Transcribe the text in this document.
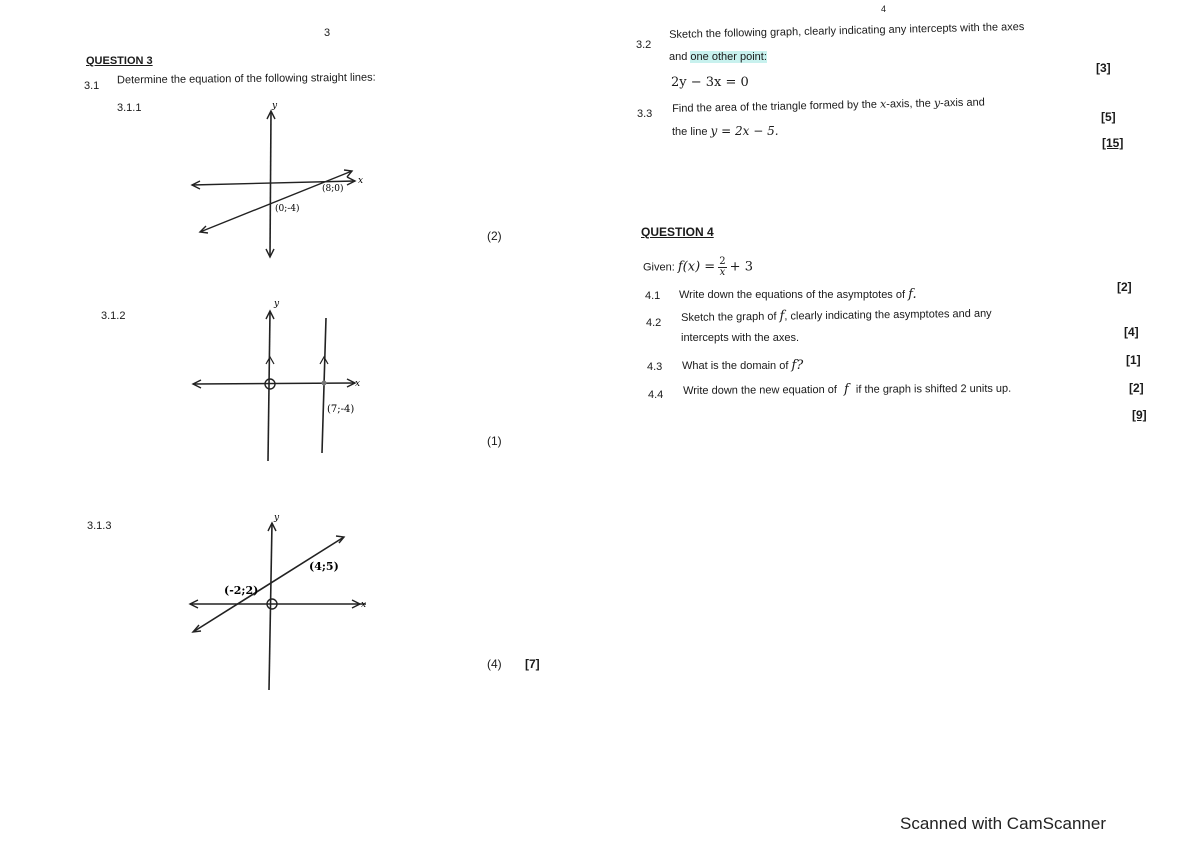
3
QUESTION 3
3.1 Determine the equation of the following straight lines:
3.1.1	y
x
(8;0)
(0;-4)
(2)
3.1.2
y
x
(7;-4)
(1)
3.1.3
y
x
(-2;2)
(4;5)
(4) [7]
4
3.2
Sketch the following graph, clearly indicating any intercepts with the axes
and one other point:
2y − 3x = 0
[3]
3.3 Find the area of the triangle formed by the x-axis, the y-axis and
the line y = 2x − 5.
[5]
[15]
QUESTION 4
Given: $f(x) = \frac{2}{x} + 3$
4.1 Write down the equations of the asymptotes of f.	[2]
4.2 Sketch the graph of f, clearly indicating the asymptotes and any
intercepts with the axes.	[4]
4.3 What is the domain of f?	[1]
4.4 Write down the new equation of f if the graph is shifted 2 units up.	[2]
[9]
Scanned with CamScanner
